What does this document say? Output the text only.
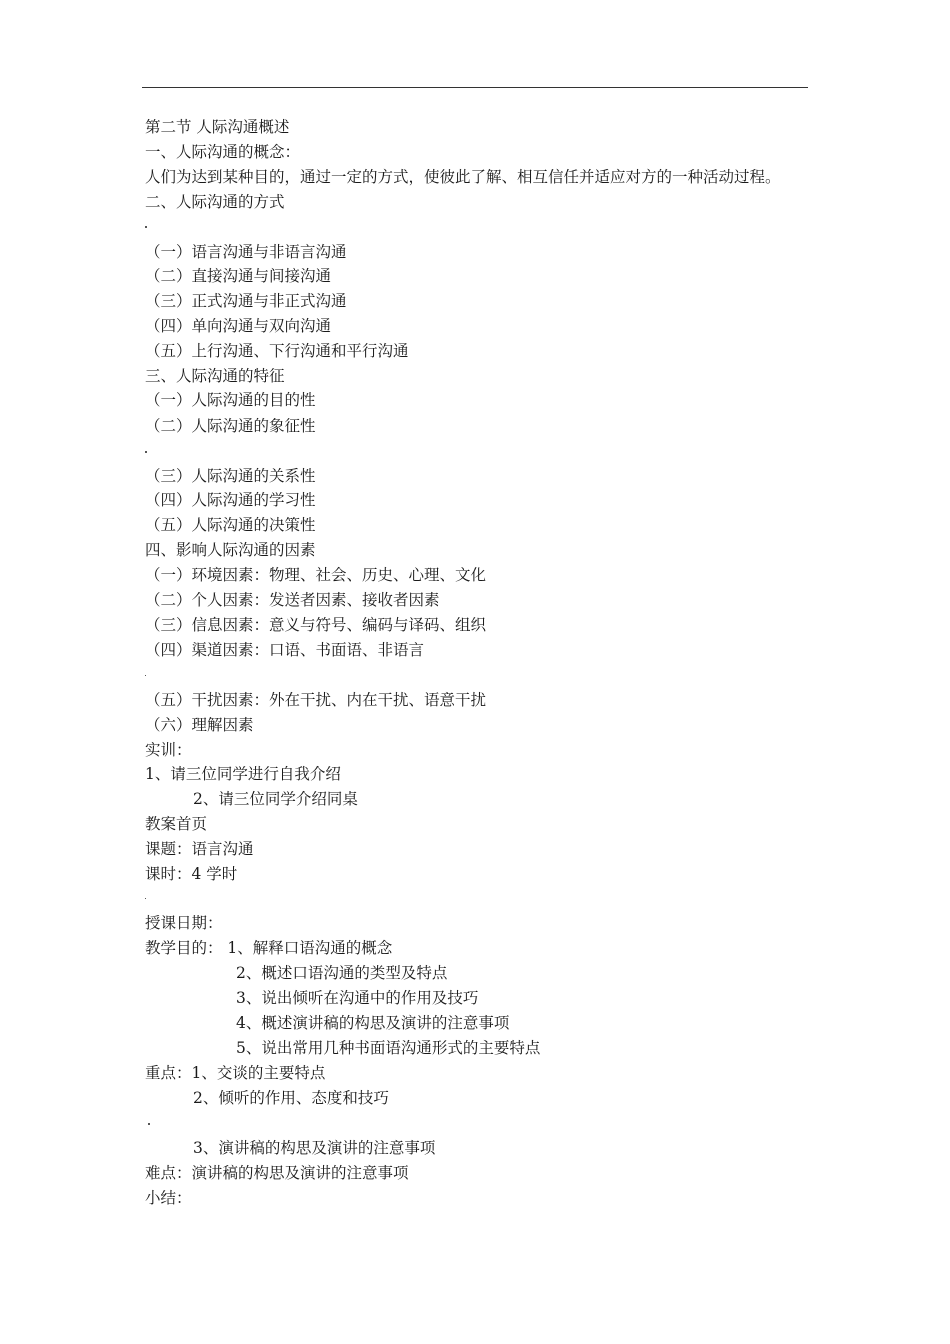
第二节 人际沟通概述
一、人际沟通的概念：
人们为达到某种目的，通过一定的方式，使彼此了解、相互信任并适应对方的一种活动过程。
二、人际沟通的方式
（一）语言沟通与非语言沟通
（二）直接沟通与间接沟通
（三）正式沟通与非正式沟通
（四）单向沟通与双向沟通
（五）上行沟通、下行沟通和平行沟通
三、人际沟通的特征
（一）人际沟通的目的性
（二）人际沟通的象征性
（三）人际沟通的关系性
（四）人际沟通的学习性
（五）人际沟通的决策性
四、影响人际沟通的因素
（一）环境因素：物理、社会、历史、心理、文化
（二）个人因素：发送者因素、接收者因素
（三）信息因素：意义与符号、编码与译码、组织
（四）渠道因素：口语、书面语、非语言
（五）干扰因素：外在干扰、内在干扰、语意干扰
（六）理解因素
实训：
1、请三位同学进行自我介绍
2、请三位同学介绍同桌
教案首页
课题：语言沟通
课时：4 学时
授课日期：
教学目的： 1、解释口语沟通的概念
2、概述口语沟通的类型及特点
3、说出倾听在沟通中的作用及技巧
4、概述演讲稿的构思及演讲的注意事项
5、说出常用几种书面语沟通形式的主要特点
重点：1、交谈的主要特点
2、倾听的作用、态度和技巧
3、演讲稿的构思及演讲的注意事项
难点：演讲稿的构思及演讲的注意事项
小结：
